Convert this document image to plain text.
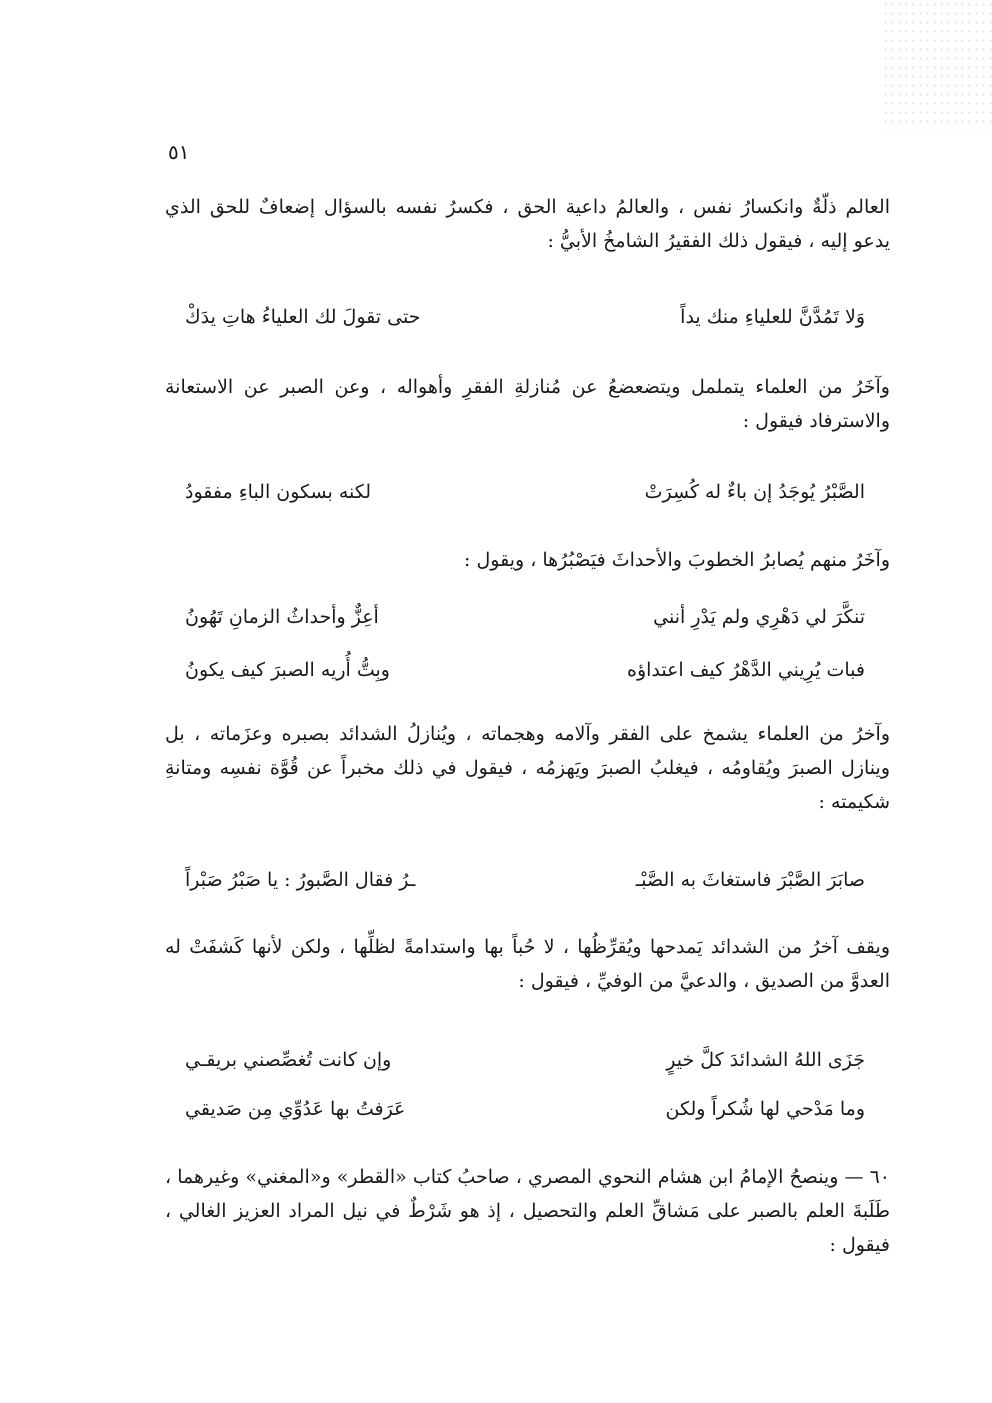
٥١
العالم ذلّةٌ وانكسارُ نفس ، والعالمُ داعية الحق ، فكسرُ نفسه بالسؤال إضعافٌ للحق الذي يدعو إليه ، فيقول ذلك الفقيرُ الشامخُ الأبيُّ :
وَلا تَمُدَّنَّ للعلياءِ منك يداً
حتى تقولَ لك العلياءُ هاتِ يدَكْ
وآخَرُ من العلماء يتململ ويتضعضعُ عن مُنازلةِ الفقرِ وأهواله ، وعن الصبر عن الاستعانة والاسترفاد فيقول :
الصَّبْرُ يُوجَدُ إن باءٌ له كُسِرَتْ
لكنه بسكون الباءِ مفقودُ
وآخَرُ منهم يُصابرُ الخطوبَ والأحداثَ فيَصْبُرُها ، ويقول :
تنكَّرَ لي دَهْرِي ولم يَدْرِ أنني
أعِزٌّ وأحداثُ الزمانِ تَهُونُ
فبات يُرِيني الدَّهْرُ كيف اعتداؤه
وبِتُّ أُريه الصبرَ كيف يكونُ
وآخرُ من العلماء يشمخ على الفقر وآلامه وهجماته ، ويُنازلُ الشدائد بصبره وعزَماته ، بل وينازل الصبرَ ويُقاومُه ، فيغلبُ الصبرَ ويَهزمُه ، فيقول في ذلك مخبراً عن قُوَّة نفسِه ومتانةِ شكيمته :
صابَرَ الصَّبْرَ فاستغاثَ به الصَّبْـ
ـرُ فقال الصَّبورُ : يا صَبْرُ صَبْراً
ويقف آخرُ من الشدائد يَمدحها ويُقرِّظُها ، لا حُباً بها واستدامةً لظلِّها ، ولكن لأنها كَشفَتْ له العدوَّ من الصديق ، والدعيَّ من الوفيِّ ، فيقول :
جَزَى اللهُ الشدائدَ كلَّ خيرٍ
وإن كانت تُغصِّصني بريقـي
وما مَدْحي لها شُكراً ولكن
عَرَفتُ بها عَدُوِّي مِن صَديقي
٦٠ — وينصحُ الإمامُ ابن هشام النحوي المصري ، صاحبُ كتاب «القطر» و«المغني» وغيرهما ، طَلَبةَ العلم بالصبر على مَشاقِّ العلم والتحصيل ، إذ هو شَرْطٌ في نيل المراد العزيز الغالي ، فيقول :
